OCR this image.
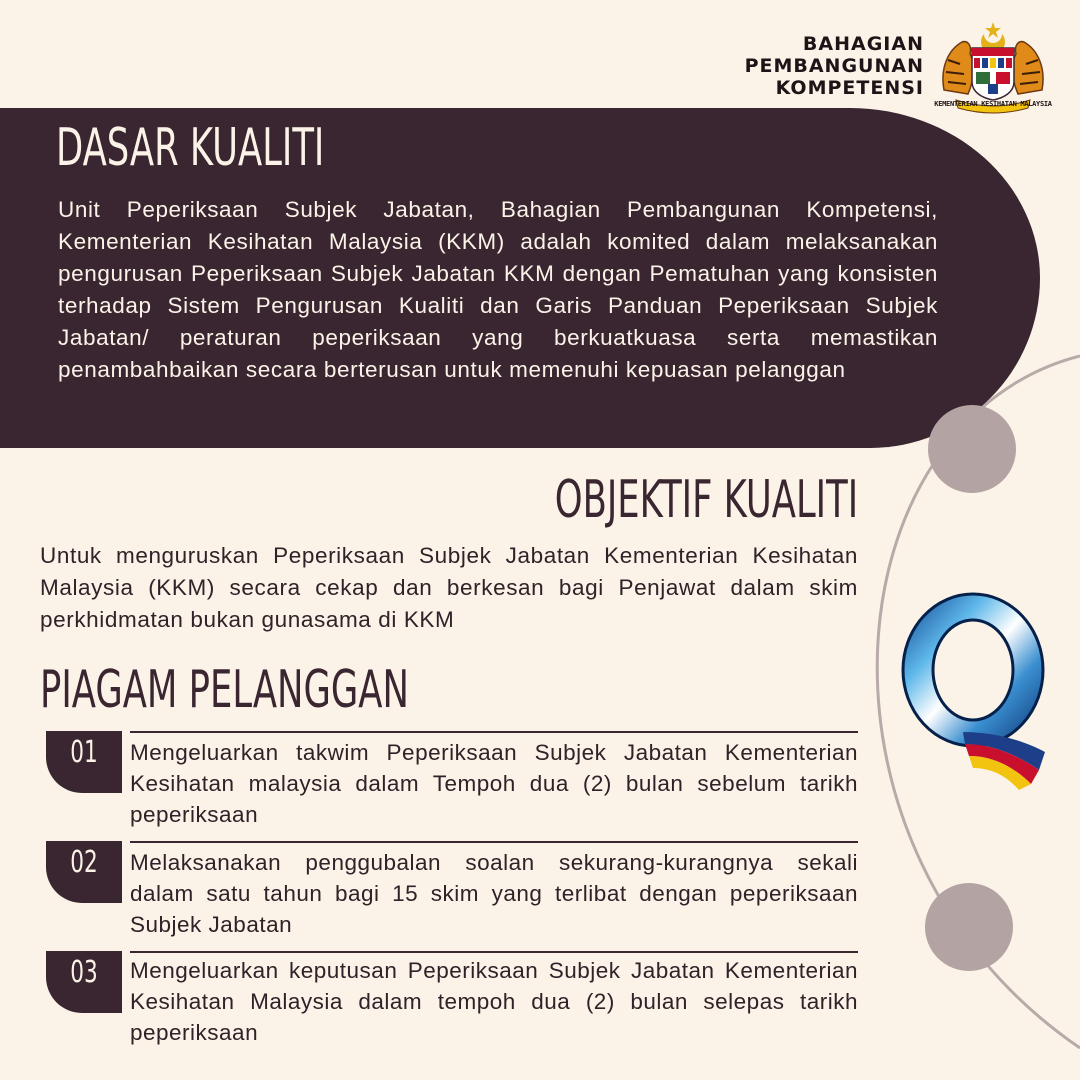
BAHAGIAN
PEMBANGUNAN
KOMPETENSI
KEMENTERIAN KESIHATAN MALAYSIA
DASAR KUALITI

Unit Peperiksaan Subjek Jabatan, Bahagian Pembangunan Kompetensi, Kementerian Kesihatan Malaysia (KKM) adalah komited dalam melaksanakan pengurusan Peperiksaan Subjek Jabatan KKM dengan Pematuhan yang konsisten terhadap Sistem Pengurusan Kualiti dan Garis Panduan Peperiksaan Subjek Jabatan/ peraturan peperiksaan yang berkuatkuasa serta memastikan penambahbaikan secara berterusan untuk memenuhi kepuasan pelanggan

OBJEKTIF KUALITI

Untuk menguruskan Peperiksaan Subjek Jabatan Kementerian Kesihatan Malaysia (KKM) secara cekap dan berkesan bagi Penjawat dalam skim perkhidmatan bukan gunasama di KKM

PIAGAM PELANGGAN
01	Mengeluarkan takwim Peperiksaan Subjek Jabatan Kementerian Kesihatan malaysia dalam Tempoh dua (2) bulan sebelum tarikh peperiksaan

02	Melaksanakan penggubalan soalan sekurang-kurangnya sekali dalam satu tahun bagi 15 skim yang terlibat dengan peperiksaan Subjek Jabatan

03	Mengeluarkan keputusan Peperiksaan Subjek Jabatan Kementerian Kesihatan Malaysia dalam tempoh dua (2) bulan selepas tarikh peperiksaan
